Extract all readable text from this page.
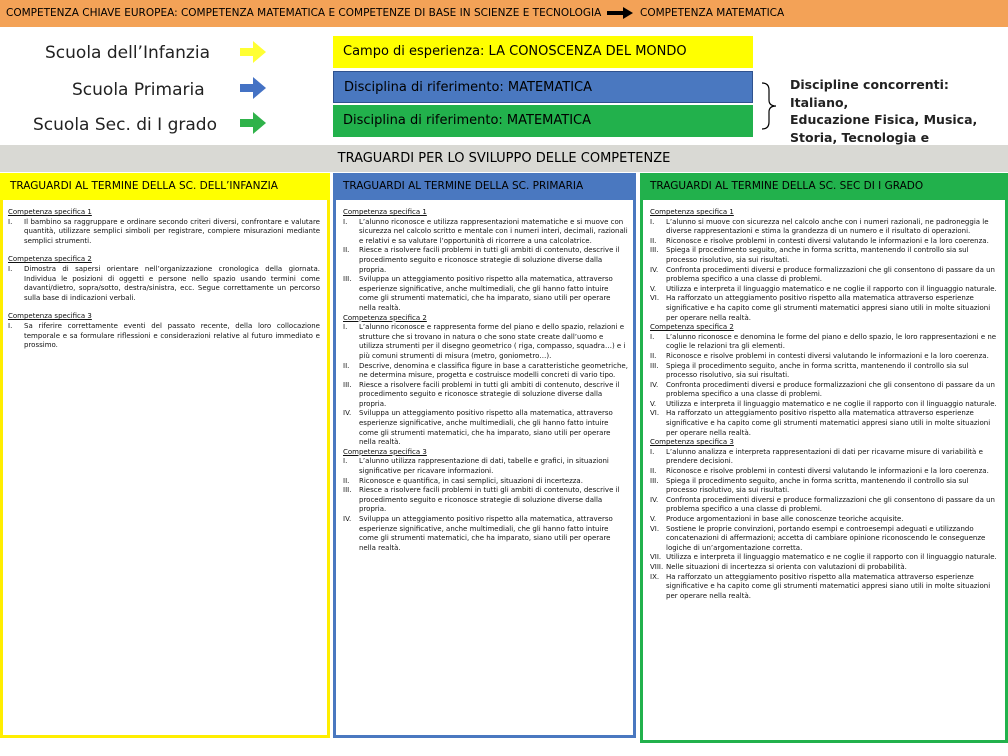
COMPETENZA CHIAVE EUROPEA: COMPETENZA MATEMATICA E COMPETENZE DI BASE IN SCIENZE E TECNOLOGIA	COMPETENZA MATEMATICA
Scuola dell’Infanzia
Scuola Primaria
Scuola Sec. di I grado
Campo di esperienza: LA CONOSCENZA DEL MONDO
Disciplina di riferimento: MATEMATICA
Disciplina di riferimento: MATEMATICA
Discipline concorrenti: Italiano,
Educazione Fisica, Musica,
Storia, Tecnologia e
TRAGUARDI PER LO SVILUPPO DELLE COMPETENZE
TRAGUARDI AL TERMINE DELLA SC. DELL’INFANZIA
Competenza specifica 1
I.	Il bambino sa raggruppare e ordinare secondo criteri diversi, confrontare e valutare quantità, utilizzare semplici simboli per registrare, compiere misurazioni mediante semplici strumenti.
Competenza specifica 2
I.	Dimostra di sapersi orientare nell’organizzazione cronologica della giornata. Individua le posizioni di oggetti e persone nello spazio usando termini come davanti/dietro, sopra/sotto, destra/sinistra, ecc. Segue correttamente un percorso sulla base di indicazioni verbali.
Competenza specifica 3
I.	Sa riferire correttamente eventi del passato recente, della loro collocazione temporale e sa formulare riflessioni e considerazioni relative al futuro immediato e prossimo.
TRAGUARDI AL TERMINE DELLA SC. PRIMARIA
Competenza specifica 1
I.	L’alunno riconosce e utilizza rappresentazioni matematiche e si muove con sicurezza nel calcolo scritto e mentale con i numeri interi, decimali, razionali e relativi e sa valutare l’opportunità di ricorrere a una calcolatrice.
II.	Riesce a risolvere facili problemi in tutti gli ambiti di contenuto, descrive il procedimento seguito e riconosce strategie di soluzione diverse dalla propria.
III.	Sviluppa un atteggiamento positivo rispetto alla matematica, attraverso esperienze significative, anche multimediali, che gli hanno fatto intuire come gli strumenti matematici, che ha imparato, siano utili per operare nella realtà.
Competenza specifica 2
I.	L’alunno riconosce e rappresenta forme del piano e dello spazio, relazioni e strutture che si trovano in natura o che sono state create dall’uomo e utilizza strumenti per il disegno geometrico ( riga, compasso, squadra…) e i più comuni strumenti di misura (metro, goniometro…).
II.	Descrive, denomina e classifica figure in base a caratteristiche geometriche, ne determina misure, progetta e costruisce modelli concreti di vario tipo.
III.	Riesce a risolvere facili problemi in tutti gli ambiti di contenuto, descrive il procedimento seguito e riconosce strategie di soluzione diverse dalla propria.
IV.	Sviluppa un atteggiamento positivo rispetto alla matematica, attraverso esperienze significative, anche multimediali, che gli hanno fatto intuire come gli strumenti matematici, che ha imparato, siano utili per operare nella realtà.
Competenza specifica 3
I.	L’alunno utilizza rappresentazione di dati, tabelle e grafici, in situazioni significative per ricavare informazioni.
II.	Riconosce e quantifica, in casi semplici, situazioni di incertezza.
III.	Riesce a risolvere facili problemi in tutti gli ambiti di contenuto, descrive il procedimento seguito e riconosce strategie di soluzione diverse dalla propria.
IV.	Sviluppa un atteggiamento positivo rispetto alla matematica, attraverso esperienze significative, anche multimediali, che gli hanno fatto intuire come gli strumenti matematici, che ha imparato, siano utili per operare nella realtà.
TRAGUARDI AL TERMINE DELLA SC. SEC DI I GRADO
Competenza specifica 1
I.	L’alunno si muove con sicurezza nel calcolo anche con i numeri razionali, ne padroneggia le diverse rappresentazioni e stima la grandezza di un numero e il risultato di operazioni.
II.	Riconosce e risolve problemi in contesti diversi valutando le informazioni e la loro coerenza.
III.	Spiega il procedimento seguito, anche in forma scritta, mantenendo il controllo sia sul processo risolutivo, sia sui risultati.
IV.	Confronta procedimenti diversi e produce formalizzazioni che gli consentono di passare da un problema specifico a una classe di problemi.
V.	Utilizza e interpreta il linguaggio matematico e ne coglie il rapporto con il linguaggio naturale.
VI. Ha rafforzato un atteggiamento positivo rispetto alla matematica attraverso esperienze significative e ha capito come gli strumenti matematici appresi siano utili in molte situazioni per operare nella realtà.
Competenza specifica 2
I.	L’alunno riconosce e denomina le forme del piano e dello spazio, le loro rappresentazioni e ne coglie le relazioni tra gli elementi.
II.	Riconosce e risolve problemi in contesti diversi valutando le informazioni e la loro coerenza.
III.	Spiega il procedimento seguito, anche in forma scritta, mantenendo il controllo sia sul processo risolutivo, sia sui risultati.
IV.	Confronta procedimenti diversi e produce formalizzazioni che gli consentono di passare da un problema specifico a una classe di problemi.
V.	Utilizza e interpreta il linguaggio matematico e ne coglie il rapporto con il linguaggio naturale.
VI. Ha rafforzato un atteggiamento positivo rispetto alla matematica attraverso esperienze significative e ha capito come gli strumenti matematici appresi siano utili in molte situazioni per operare nella realtà.
Competenza specifica 3
I.	L’alunno analizza e interpreta rappresentazioni di dati per ricavarne misure di variabilità e prendere decisioni.
II.	Riconosce e risolve problemi in contesti diversi valutando le informazioni e la loro coerenza.
III.	Spiega il procedimento seguito, anche in forma scritta, mantenendo il controllo sia sul processo risolutivo, sia sui risultati.
IV.	Confronta procedimenti diversi e produce formalizzazioni che gli consentono di passare da un problema specifico a una classe di problemi.
V.	Produce argomentazioni in base alle conoscenze teoriche acquisite.
VI. Sostiene le proprie convinzioni, portando esempi e controesempi adeguati e utilizzando concatenazioni di affermazioni; accetta di cambiare opinione riconoscendo le conseguenze logiche di un’argomentazione corretta.
VII. Utilizza e interpreta il linguaggio matematico e ne coglie il rapporto con il linguaggio naturale.
VIII. Nelle situazioni di incertezza si orienta con valutazioni di probabilità.
IX. Ha rafforzato un atteggiamento positivo rispetto alla matematica attraverso esperienze significative e ha capito come gli strumenti matematici appresi siano utili in molte situazioni per operare nella realtà.
